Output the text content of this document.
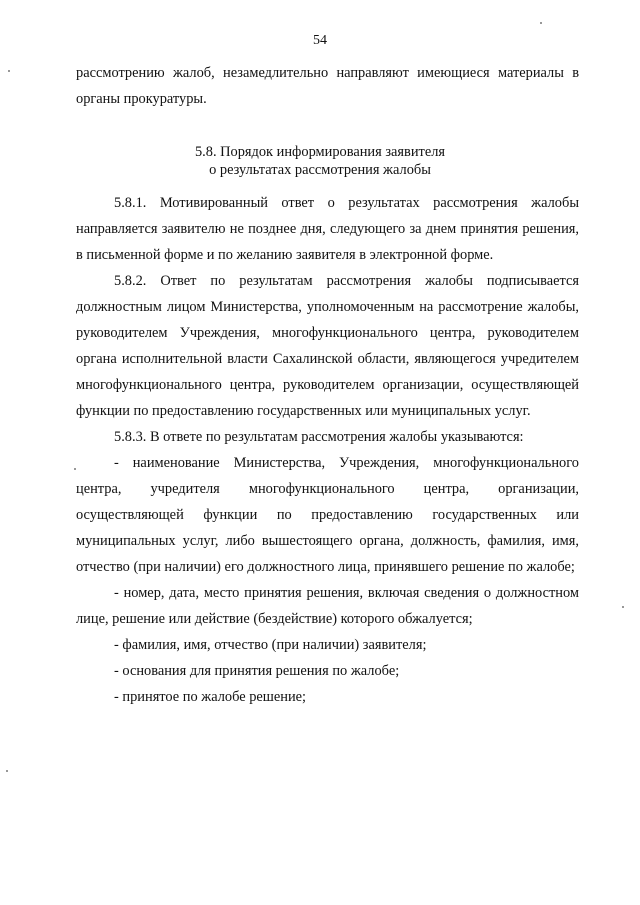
54

рассмотрению жалоб, незамедлительно направляют имеющиеся материалы в органы прокуратуры.

5.8. Порядок информирования заявителя
о результатах рассмотрения жалобы

5.8.1. Мотивированный ответ о результатах рассмотрения жалобы направляется заявителю не позднее дня, следующего за днем принятия решения, в письменной форме и по желанию заявителя в электронной форме.

5.8.2. Ответ по результатам рассмотрения жалобы подписывается должностным лицом Министерства, уполномоченным на рассмотрение жалобы, руководителем Учреждения, многофункционального центра, руководителем органа исполнительной власти Сахалинской области, являющегося учредителем многофункционального центра, руководителем организации, осуществляющей функции по предоставлению государственных или муниципальных услуг.

5.8.3. В ответе по результатам рассмотрения жалобы указываются:

- наименование Министерства, Учреждения, многофункционального центра, учредителя многофункционального центра, организации, осуществляющей функции по предоставлению государственных или муниципальных услуг, либо вышестоящего органа, должность, фамилия, имя, отчество (при наличии) его должностного лица, принявшего решение по жалобе;

- номер, дата, место принятия решения, включая сведения о должностном лице, решение или действие (бездействие) которого обжалуется;

- фамилия, имя, отчество (при наличии) заявителя;

- основания для принятия решения по жалобе;

- принятое по жалобе решение;
